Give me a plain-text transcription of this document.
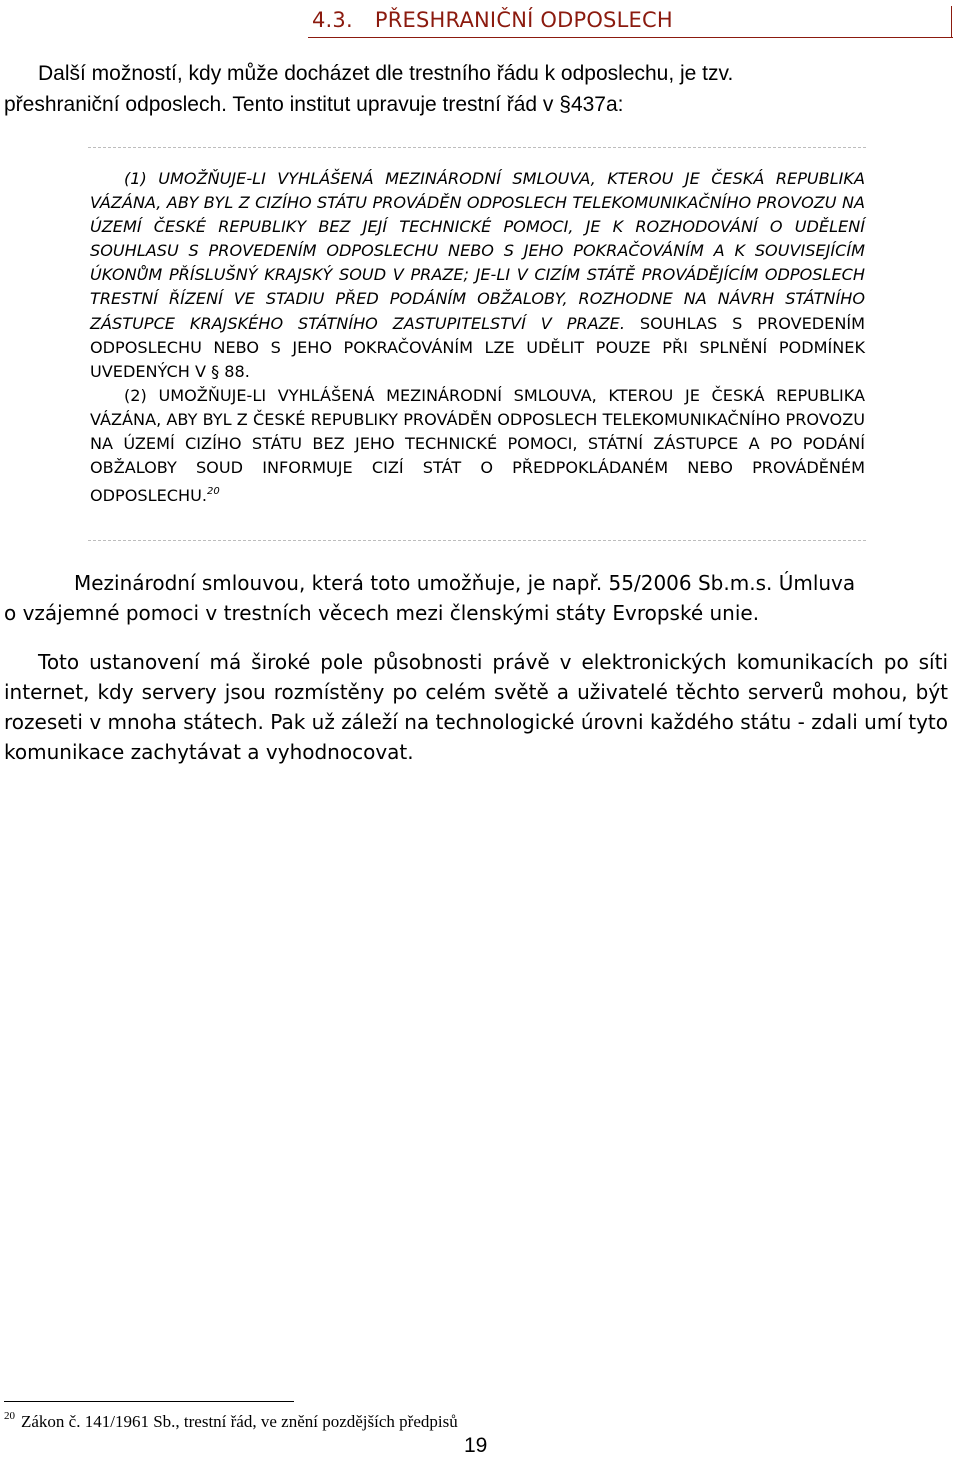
4.3. PŘESHRANIČNÍ ODPOSLECH

Další možností, kdy může docházet dle trestního řádu k odposlechu, je tzv.

přeshraniční odposlech. Tento institut upravuje trestní řád v §437a:

(1) UMOŽŇUJE-LI VYHLÁŠENÁ MEZINÁRODNÍ SMLOUVA, KTEROU JE ČESKÁ REPUBLIKA VÁZÁNA, ABY BYL Z CIZÍHO STÁTU PROVÁDĚN ODPOSLECH TELEKOMUNIKAČNÍHO PROVOZU NA ÚZEMÍ ČESKÉ REPUBLIKY BEZ JEJÍ TECHNICKÉ POMOCI, JE K ROZHODOVÁNÍ O UDĚLENÍ SOUHLASU S PROVEDENÍM ODPOSLECHU NEBO S JEHO POKRAČOVÁNÍM A K SOUVISEJÍCÍM ÚKONŮM PŘÍSLUŠNÝ KRAJSKÝ SOUD V PRAZE; JE-LI V CIZÍM STÁTĚ PROVÁDĚJÍCÍM ODPOSLECH TRESTNÍ ŘÍZENÍ VE STADIU PŘED PODÁNÍM OBŽALOBY, ROZHODNE NA NÁVRH STÁTNÍHO ZÁSTUPCE KRAJSKÉHO STÁTNÍHO ZASTUPITELSTVÍ V PRAZE. SOUHLAS S PROVEDENÍM ODPOSLECHU NEBO S JEHO POKRAČOVÁNÍM LZE UDĚLIT POUZE PŘI SPLNĚNÍ PODMÍNEK UVEDENÝCH V § 88.

(2) UMOŽŇUJE-LI VYHLÁŠENÁ MEZINÁRODNÍ SMLOUVA, KTEROU JE ČESKÁ REPUBLIKA VÁZÁNA, ABY BYL Z ČESKÉ REPUBLIKY PROVÁDĚN ODPOSLECH TELEKOMUNIKAČNÍHO PROVOZU NA ÚZEMÍ CIZÍHO STÁTU BEZ JEHO TECHNICKÉ POMOCI, STÁTNÍ ZÁSTUPCE A PO PODÁNÍ OBŽALOBY SOUD INFORMUJE CIZÍ STÁT O PŘEDPOKLÁDANÉM NEBO PROVÁDĚNÉM ODPOSLECHU.$^{20}$

Mezinárodní smlouvou, která toto umožňuje, je např. 55/2006 Sb.m.s. Úmluva

o vzájemné pomoci v trestních věcech mezi členskými státy Evropské unie.

Toto ustanovení má široké pole působnosti právě v elektronických komunikacích po síti internet, kdy servery jsou rozmístěny po celém světě a uživatelé těchto serverů mohou, být rozeseti v mnoha státech. Pak už záleží na technologické úrovni každého státu - zdali umí tyto komunikace zachytávat a vyhodnocovat.

$^{20}$ Zákon č. 141/1961 Sb., trestní řád, ve znění pozdějších předpisů
19
